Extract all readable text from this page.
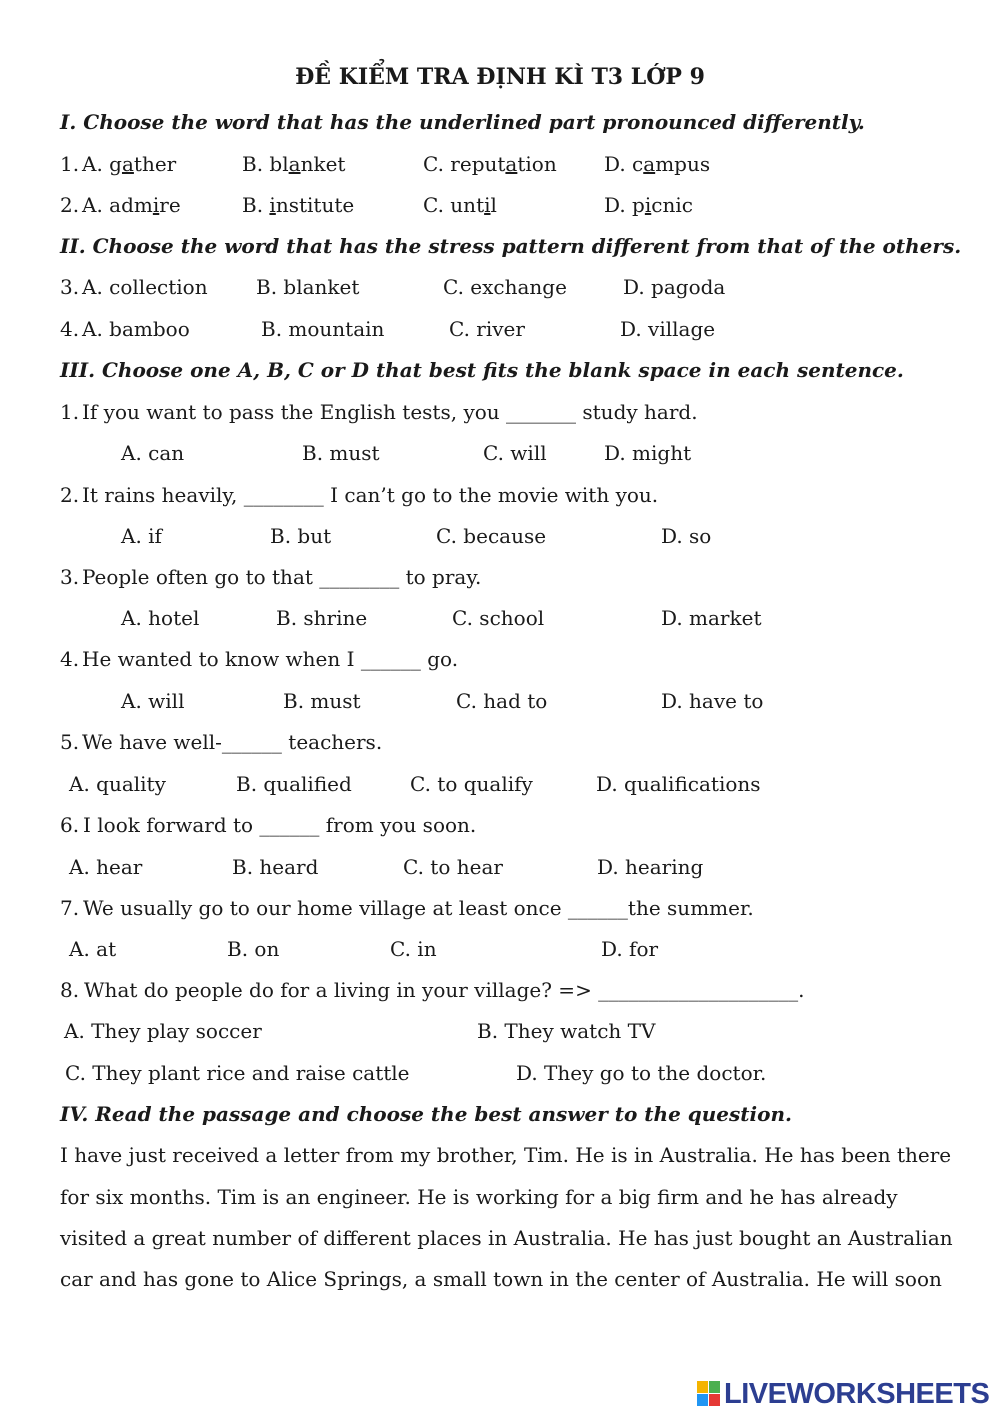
ĐỀ KIỂM TRA ĐỊNH KÌ T3 LỚP 9
I. Choose the word that has the underlined part pronounced differently.
1. A. gather	B. blanket	C. reputation D. campus
2. A. admire	B. institute	C. until	D. picnic
II. Choose the word that has the stress pattern different from that of the others.
3. A. collection B. blanket	C. exchange	D. pagoda
4. A. bamboo	B. mountain	C. river	D. village
III. Choose one A, B, C or D that best fits the blank space in each sentence.
1. If you want to pass the English tests, you _______ study hard.
A. can	B. must	C. will	D. might
2. It rains heavily, ________ I can’t go to the movie with you.
A. if	B. but	C. because	D. so
3. People often go to that ________ to pray.
A. hotel	B. shrine	C. school	D. market
4. He wanted to know when I ______ go.
A. will	B. must	C. had to	D. have to
5. We have well-______ teachers.
A. quality	B. qualified	C. to qualify	D. qualifications
6. I look forward to ______ from you soon.
A. hear	B. heard	C. to hear	D. hearing
7. We usually go to our home village at least once ______the summer.
A. at	B. on	C. in	D. for
8. What do people do for a living in your village? => ____________________.
A. They play soccer	B. They watch TV
C. They plant rice and raise cattle	D. They go to the doctor.
IV. Read the passage and choose the best answer to the question.
I have just received a letter from my brother, Tim. He is in Australia. He has been there
for six months. Tim is an engineer. He is working for a big firm and he has already
visited a great number of different places in Australia. He has just bought an Australian
car and has gone to Alice Springs, a small town in the center of Australia. He will soon
LIVEWORKSHEETS
